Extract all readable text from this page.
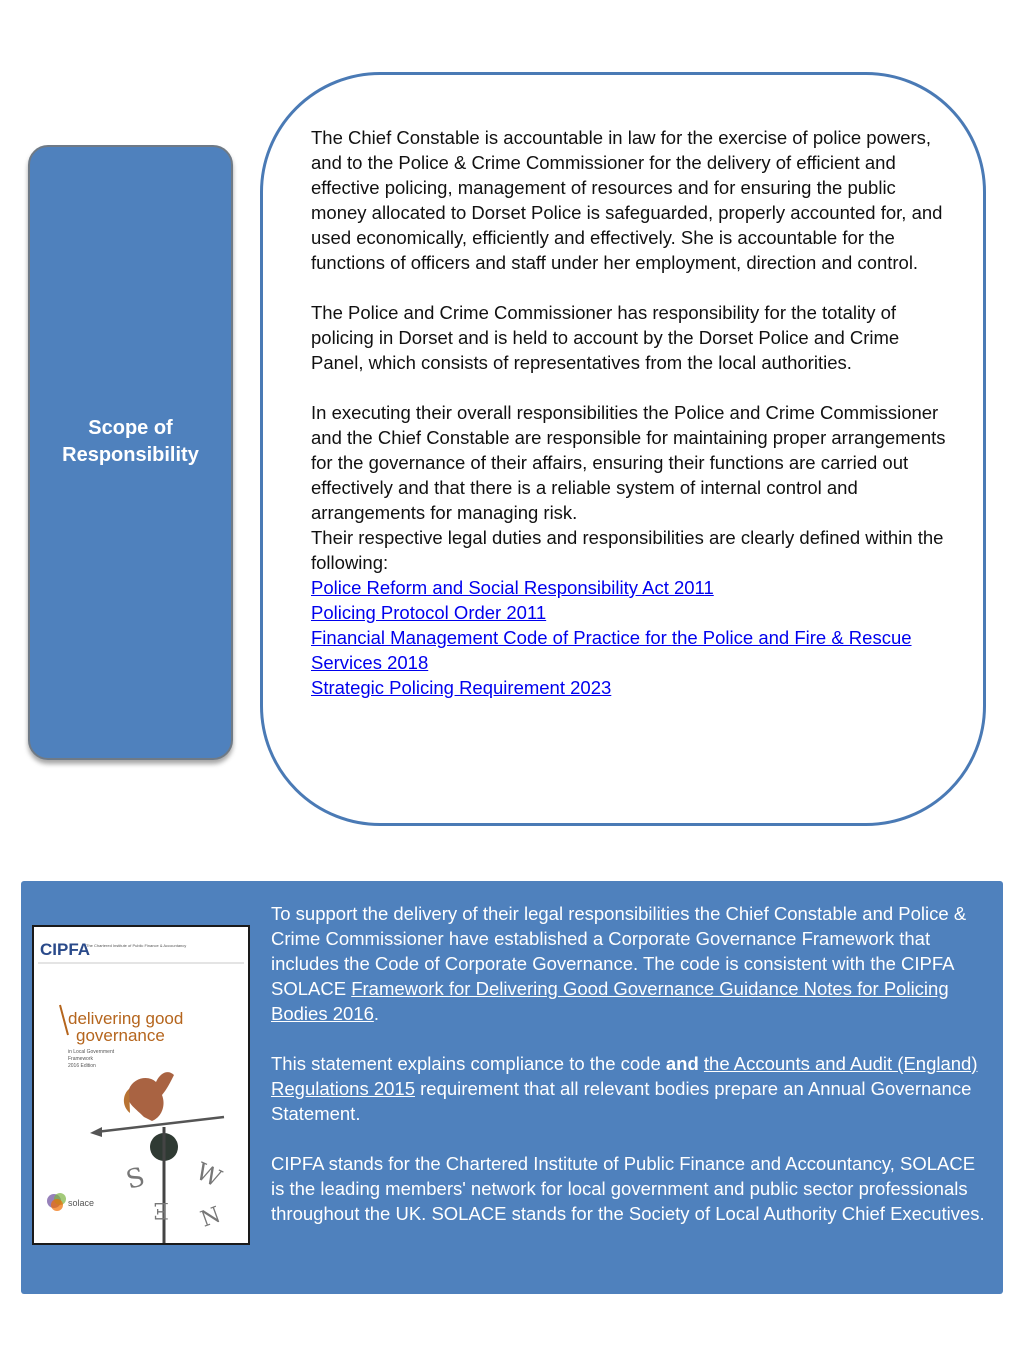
Scope of Responsibility

The Chief Constable is accountable in law for the exercise of police powers, and to the Police & Crime Commissioner for the delivery of efficient and effective policing, management of resources and for ensuring the public money allocated to Dorset Police is safeguarded, properly accounted for, and used economically, efficiently and effectively. She is accountable for the functions of officers and staff under her employment, direction and control.

The Police and Crime Commissioner has responsibility for the totality of policing in Dorset and is held to account by the Dorset Police and Crime Panel, which consists of representatives from the local authorities.

In executing their overall responsibilities the Police and Crime Commissioner and the Chief Constable are responsible for maintaining proper arrangements for the governance of their affairs, ensuring their functions are carried out effectively and that there is a reliable system of internal control and arrangements for managing risk.

Their respective legal duties and responsibilities are clearly defined within the following:

Police Reform and Social Responsibility Act 2011

Policing Protocol Order 2011

Financial Management Code of Practice for the Police and Fire & Rescue Services 2018

Strategic Policing Requirement 2023

CIPFA
The Chartered Institute of Public Finance & Accountancy
delivering good
governance
in Local Government
Framework
2016 Edition
S W
E N
solace

To support the delivery of their legal responsibilities the Chief Constable and Police & Crime Commissioner have established a Corporate Governance Framework that includes the Code of Corporate Governance. The code is consistent with the CIPFA SOLACE Framework for Delivering Good Governance Guidance Notes for Policing Bodies 2016.

This statement explains compliance to the code and the Accounts and Audit (England) Regulations 2015 requirement that all relevant bodies prepare an Annual Governance Statement.

CIPFA stands for the Chartered Institute of Public Finance and Accountancy, SOLACE is the leading members' network for local government and public sector professionals throughout the UK. SOLACE stands for the Society of Local Authority Chief Executives.
